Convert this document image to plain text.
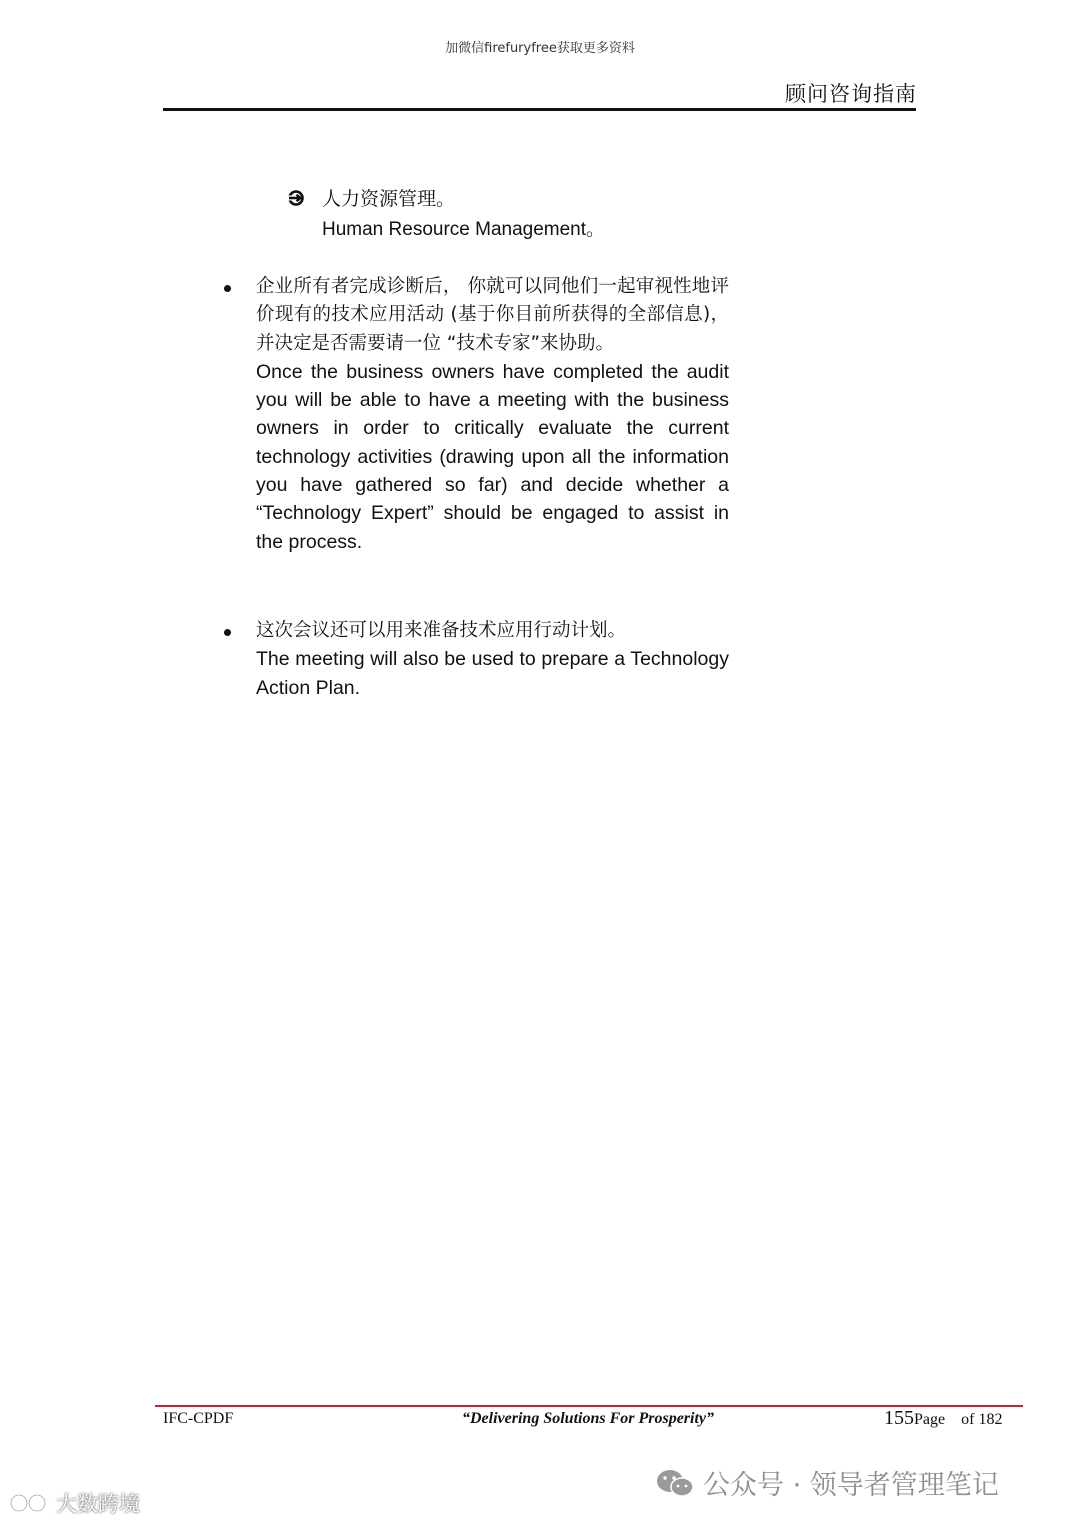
加微信firefuryfree获取更多资料
顾问咨询指南
人力资源管理。
Human Resource Management。
企业所有者完成诊断后， 你就可以同他们一起审视性地评价现有的技术应用活动 (基于你目前所获得的全部信息)， 并决定是否需要请一位 “技术专家”来协助。
Once the business owners have completed the audit you will be able to have a meeting with the business owners in order to critically evaluate the current technology activities (drawing upon all the information you have gathered so far) and decide whether a “Technology Expert” should be engaged to assist in the process.
这次会议还可以用来准备技术应用行动计划。
The meeting will also be used to prepare a Technology Action Plan.
IFC-CPDF	“Delivering Solutions For Prosperity”	155Page of 182
公众号 · 领导者管理笔记
大数跨境
